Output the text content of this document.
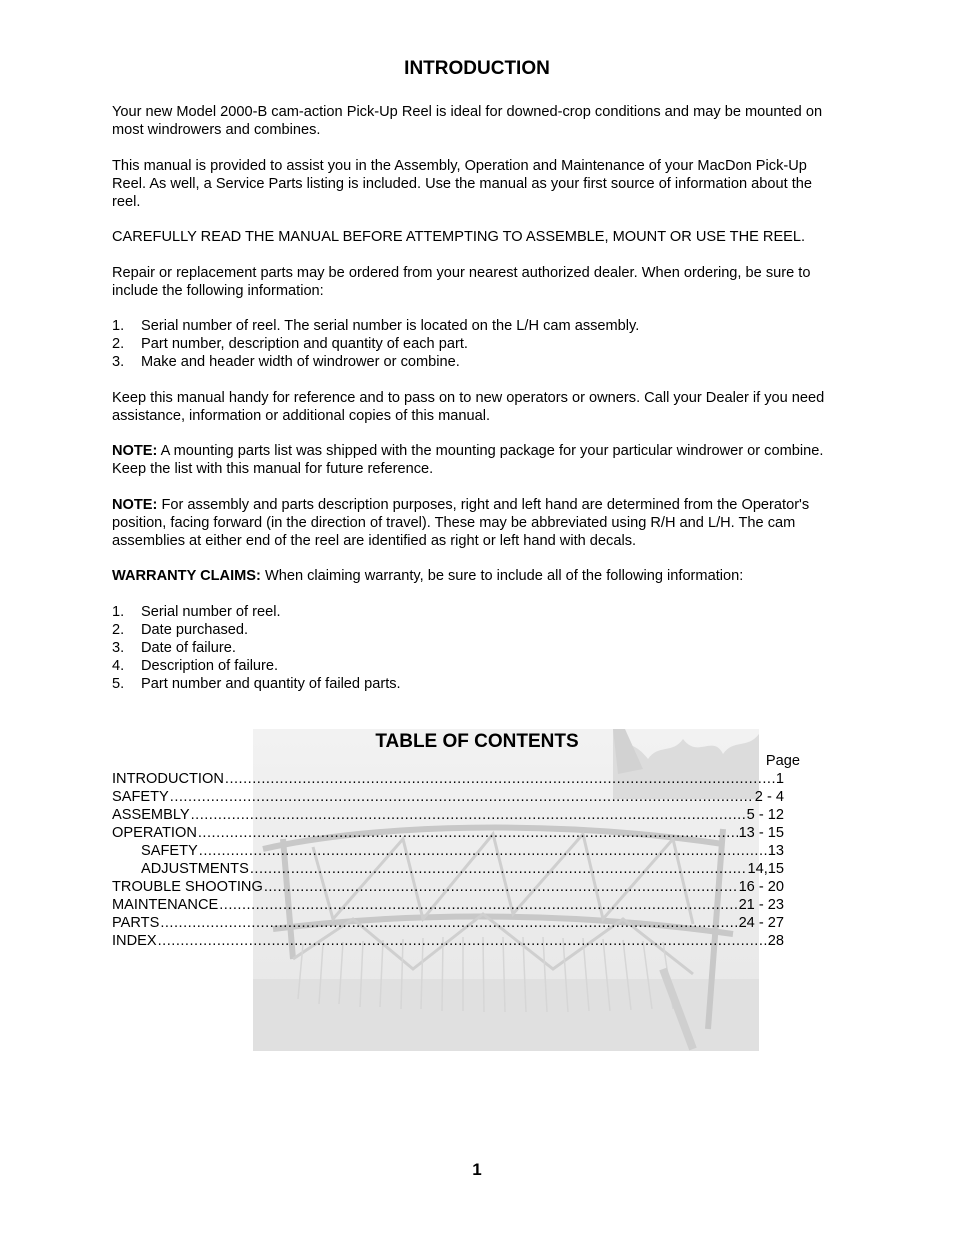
INTRODUCTION

Your new Model 2000-B cam-action Pick-Up Reel is ideal for downed-crop conditions and may be mounted on most windrowers and combines.

This manual is provided to assist you in the Assembly, Operation and Maintenance of your MacDon Pick-Up Reel. As well, a Service Parts listing is included. Use the manual as your first source of information about the reel.

CAREFULLY READ THE MANUAL BEFORE ATTEMPTING TO ASSEMBLE, MOUNT OR USE THE REEL.

Repair or replacement parts may be ordered from your nearest authorized dealer. When ordering, be sure to include the following information:

1. Serial number of reel. The serial number is located on the L/H cam assembly.
2. Part number, description and quantity of each part.
3. Make and header width of windrower or combine.

Keep this manual handy for reference and to pass on to new operators or owners. Call your Dealer if you need assistance, information or additional copies of this manual.

NOTE: A mounting parts list was shipped with the mounting package for your particular windrower or combine. Keep the list with this manual for future reference.

NOTE: For assembly and parts description purposes, right and left hand are determined from the Operator's position, facing forward (in the direction of travel). These may be abbreviated using R/H and L/H. The cam assemblies at either end of the reel are identified as right or left hand with decals.

WARRANTY CLAIMS: When claiming warranty, be sure to include all of the following information:

1. Serial number of reel.
2. Date purchased.
3. Date of failure.
4. Description of failure.
5. Part number and quantity of failed parts.
TABLE OF CONTENTS
Page
INTRODUCTION .....	1
SAFETY .....	2 - 4
ASSEMBLY .....	5 - 12
OPERATION .....	13 - 15
SAFETY .....	13
ADJUSTMENTS .....	14,15
TROUBLE SHOOTING .....	16 - 20
MAINTENANCE .....	21 - 23
PARTS .....	24 - 27
INDEX .....	28
1
